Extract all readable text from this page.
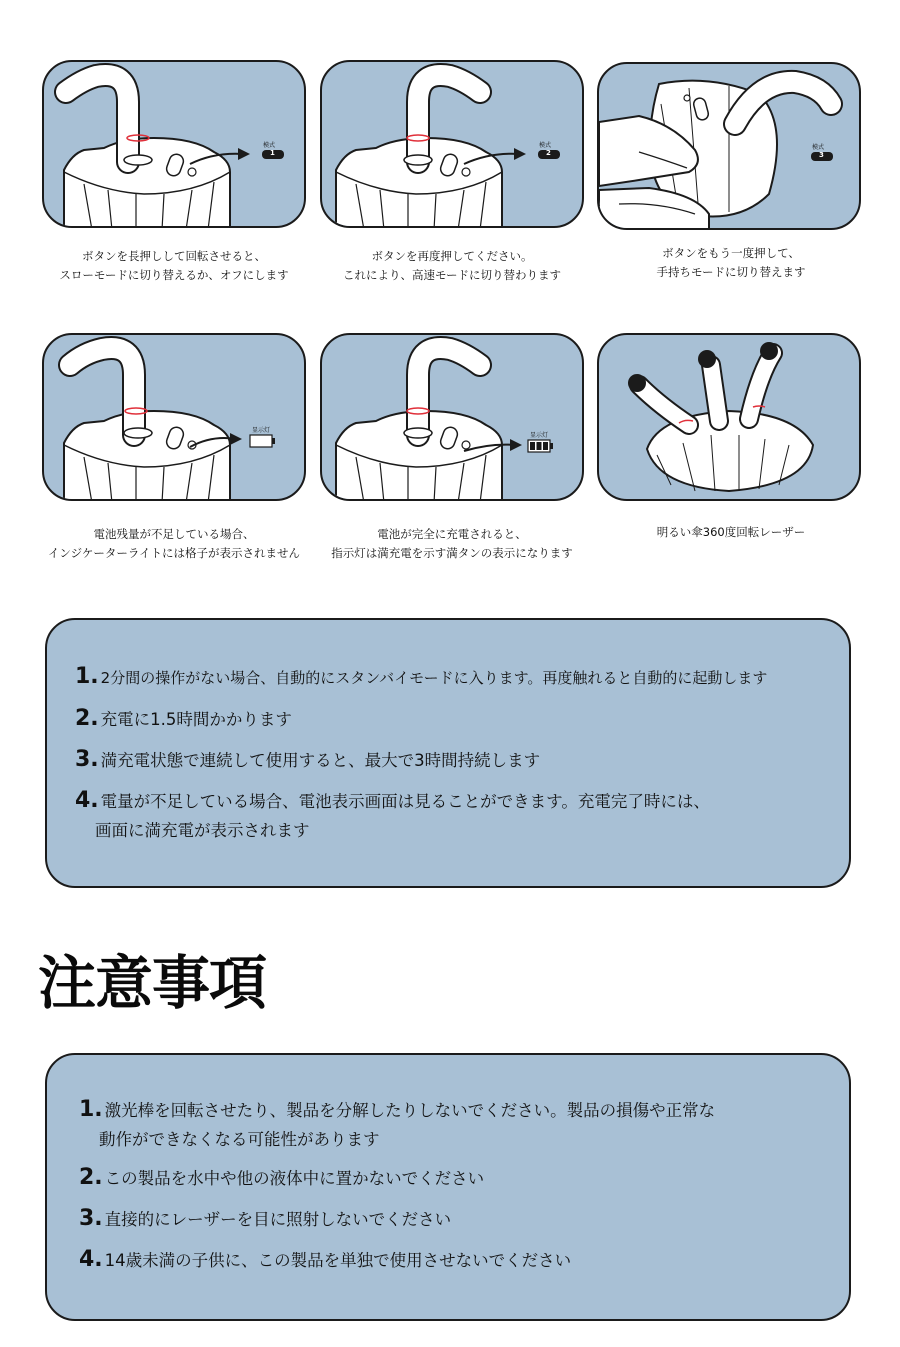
模式
1
模式
2
模式
3
ボタンを長押しして回転させると、
スローモードに切り替えるか、オフにします
ボタンを再度押してください。
これにより、高速モードに切り替わります
ボタンをもう一度押して、
手持ちモードに切り替えます
显示灯
显示灯
電池残量が不足している場合、
インジケーターライトには格子が表示されません
電池が完全に充電されると、
指示灯は満充電を示す満タンの表示になります
明るい傘360度回転レーザー
1. 2分間の操作がない場合、自動的にスタンバイモードに入ります。再度触れると自動的に起動します
2. 充電に1.5時間かかります
3. 満充電状態で連続して使用すると、最大で3時間持続します
4. 電量が不足している場合、電池表示画面は見ることができます。充電完了時には、
画面に満充電が表示されます
注意事項
1. 激光棒を回転させたり、製品を分解したりしないでください。製品の損傷や正常な
動作ができなくなる可能性があります
2. この製品を水中や他の液体中に置かないでください
3. 直接的にレーザーを目に照射しないでください
4. 14歳未満の子供に、この製品を単独で使用させないでください
